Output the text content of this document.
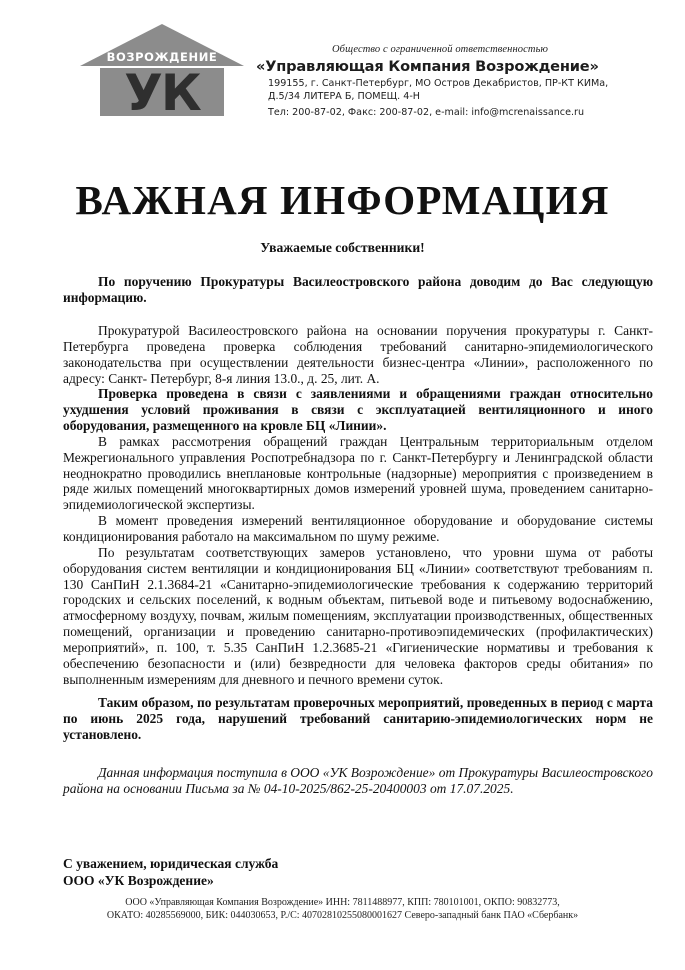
ВОЗРОЖДЕНИЕ
УК
Общество с ограниченной ответственностью
«Управляющая Компания Возрождение»
199155, г. Санкт-Петербург, МО Остров Декабристов, ПР-КТ КИМа,
Д.5/34 ЛИТЕРА Б, ПОМЕЩ. 4-Н
Тел: 200-87-02, Факс: 200-87-02, e-mail: info@mcrenaissance.ru
ВАЖНАЯ ИНФОРМАЦИЯ
Уважаемые собственники!

По поручению Прокуратуры Василеостровского района доводим до Вас следующую информацию.

Прокуратурой Василеостровского района на основании поручения прокуратуры г. Санкт-Петербурга проведена проверка соблюдения требований санитарно-эпидемиологического законодательства при осуществлении деятельности бизнес-центра «Линии», расположенного по адресу: Санкт- Петербург, 8-я линия 13.0., д. 25, лит. А.

Проверка проведена в связи с заявлениями и обращениями граждан относительно ухудшения условий проживания в связи с эксплуатацией вентиляционного и иного оборудования, размещенного на кровле БЦ «Линии».

В рамках рассмотрения обращений граждан Центральным территориальным отделом Межрегионального управления Роспотребнадзора по г. Санкт-Петербургу и Ленинградской области неоднократно проводились внеплановые контрольные (надзорные) мероприятия с произведением в ряде жилых помещений многоквартирных домов измерений уровней шума, проведением санитарно-эпидемиологической экспертизы.

В момент проведения измерений вентиляционное оборудование и оборудование системы кондиционирования работало на максимальном по шуму режиме.

По результатам соответствующих замеров установлено, что уровни шума от работы оборудования систем вентиляции и кондиционирования БЦ «Линии» соответствуют требованиям п. 130 СанПиН 2.1.3684-21 «Санитарно-эпидемиологические требования к содержанию территорий городских и сельских поселений, к водным объектам, питьевой воде и питьевому водоснабжению, атмосферному воздуху, почвам, жилым помещениям, эксплуатации производственных, общественных помещений, организации и проведению санитарно-противоэпидемических (профилактических) мероприятий», п. 100, т. 5.35 СанПиН 1.2.3685-21 «Гигиенические нормативы и требования к обеспечению безопасности и (или) безвредности для человека факторов среды обитания» по выполненным измерениям для дневного и печного времени суток.

Таким образом, по результатам проверочных мероприятий, проведенных в период с марта по июнь 2025 года, нарушений требований санитарию-эпидемиологических норм не установлено.

Данная информация поступила в ООО «УК Возрождение» от Прокуратуры Василеостровского района на основании Письма за № 04-10-2025/862-25-20400003 от 17.07.2025.

С уважением, юридическая служба
ООО «УК Возрождение»
ООО «Управляющая Компания Возрождение» ИНН: 7811488977, КПП: 780101001, ОКПО: 90832773,
ОКАТО: 40285569000, БИК: 044030653, Р./С: 40702810255080001627 Северо-западный банк ПАО «Сбербанк»
